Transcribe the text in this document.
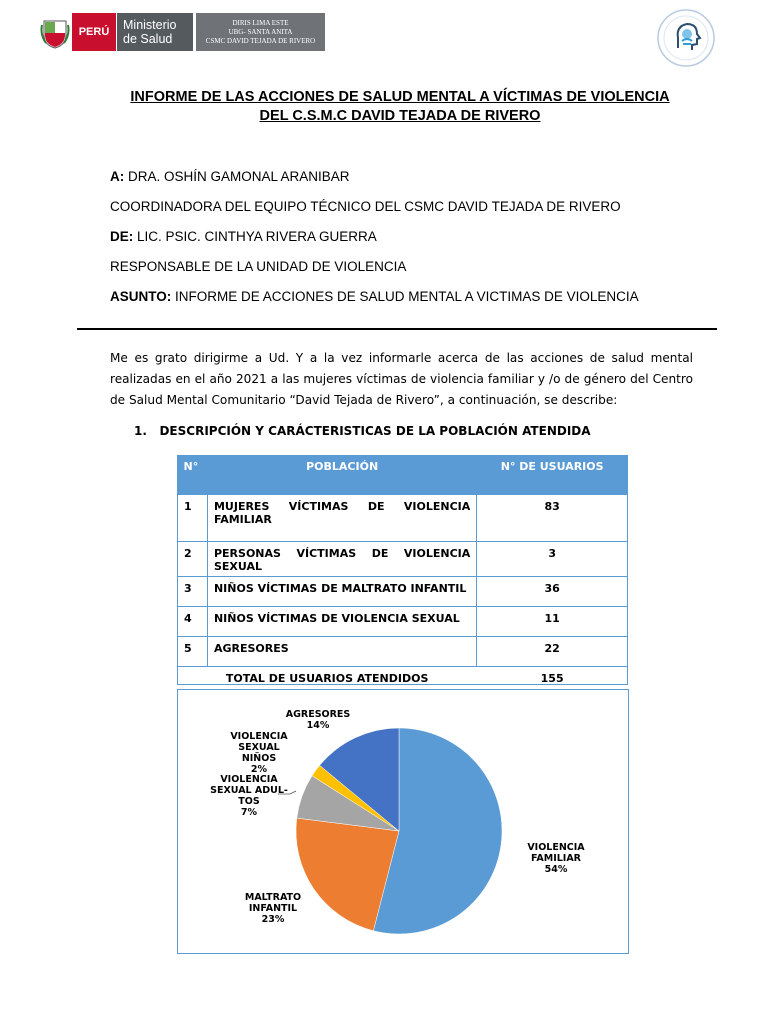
PERÚ Ministerio
de Salud
DIRIS LIMA ESTE
UBG- SANTA ANITA
CSMC DAVID TEJADA DE RIVERO
INFORME DE LAS ACCIONES DE SALUD MENTAL A VÍCTIMAS DE VIOLENCIA
DEL C.S.M.C DAVID TEJADA DE RIVERO
A: DRA. OSHÍN GAMONAL ARANIBAR
COORDINADORA DEL EQUIPO TÉCNICO DEL CSMC DAVID TEJADA DE RIVERO
DE: LIC. PSIC. CINTHYA RIVERA GUERRA
RESPONSABLE DE LA UNIDAD DE VIOLENCIA
ASUNTO: INFORME DE ACCIONES DE SALUD MENTAL A VICTIMAS DE VIOLENCIA
Me es grato dirigirme a Ud. Y a la vez informarle acerca de las acciones de salud mental realizadas en el año 2021 a las mujeres víctimas de violencia familiar y /o de género del Centro de Salud Mental Comunitario “David Tejada de Rivero”, a continuación, se describe:
1. DESCRIPCIÓN Y CARÁCTERISTICAS DE LA POBLACIÓN ATENDIDA
N°	POBLACIÓN	N° DE USUARIOS
1	MUJERES VÍCTIMAS DE VIOLENCIA FAMILIAR	83
2	PERSONAS VÍCTIMAS DE VIOLENCIA SEXUAL	3
3	NIÑOS VÍCTIMAS DE MALTRATO INFANTIL	36
4	NIÑOS VÍCTIMAS DE VIOLENCIA SEXUAL	11
5	AGRESORES	22
TOTAL DE USUARIOS ATENDIDOS		155
VIOLENCIA FAMILIAR
54%
MALTRATO INFANTIL
23%
VIOLENCIA SEXUAL ADUL-TOS
7%
VIOLENCIA SEXUAL NIÑOS
2%
AGRESORES
14%
